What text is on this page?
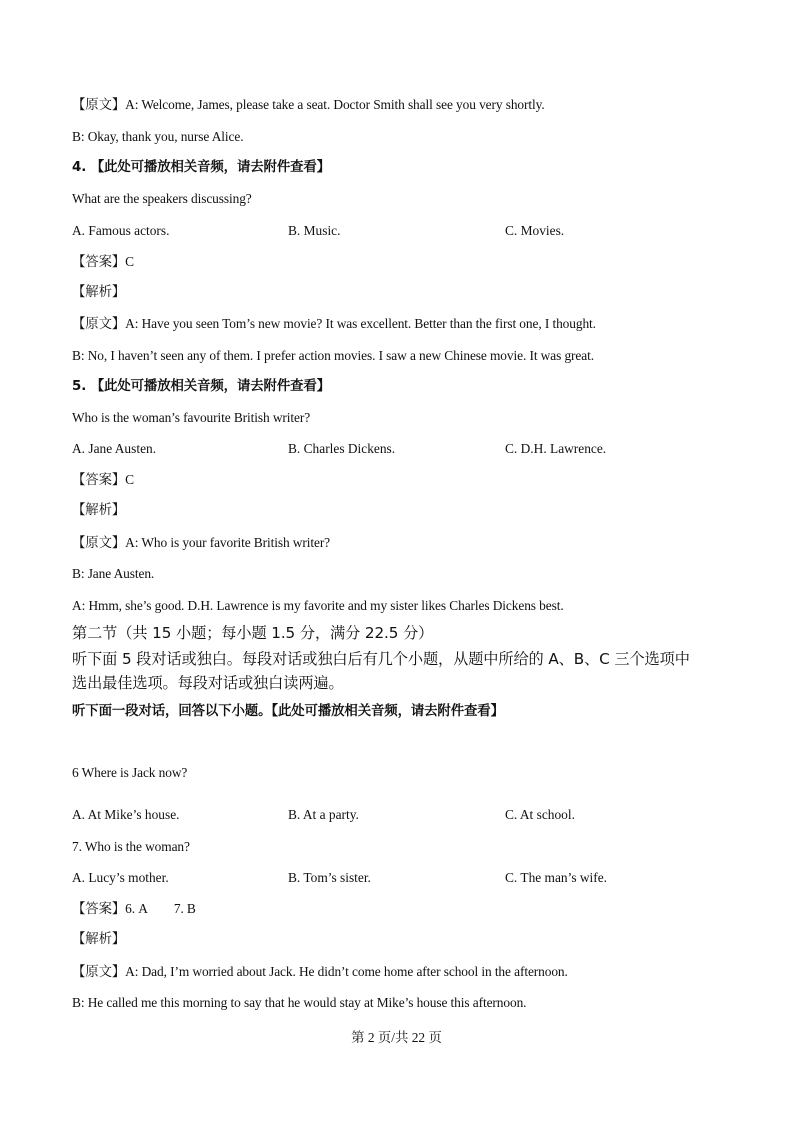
【原文】A: Welcome, James, please take a seat. Doctor Smith shall see you very shortly.
B: Okay, thank you, nurse Alice.
4. 【此处可播放相关音频，请去附件查看】
What are the speakers discussing?
A. Famous actors.	B. Music.	C. Movies.
【答案】C
【解析】
【原文】A: Have you seen Tom’s new movie? It was excellent. Better than the first one, I thought.
B: No, I haven’t seen any of them. I prefer action movies. I saw a new Chinese movie. It was great.
5. 【此处可播放相关音频，请去附件查看】
Who is the woman’s favourite British writer?
A. Jane Austen.	B. Charles Dickens.	C. D.H. Lawrence.
【答案】C
【解析】
【原文】A: Who is your favorite British writer?
B: Jane Austen.
A: Hmm, she’s good. D.H. Lawrence is my favorite and my sister likes Charles Dickens best.
第二节（共 15 小题；每小题 1.5 分，满分 22.5 分）
听下面 5 段对话或独白。每段对话或独白后有几个小题，从题中所给的 A、B、C 三个选项中
选出最佳选项。每段对话或独白读两遍。
听下面一段对话，回答以下小题。【此处可播放相关音频，请去附件查看】
6 Where is Jack now?
A. At Mike’s house.	B. At a party.	C. At school.
7. Who is the woman?
A. Lucy’s mother.	B. Tom’s sister.	C. The man’s wife.
【答案】6. A 7. B
【解析】
【原文】A: Dad, I’m worried about Jack. He didn’t come home after school in the afternoon.
B: He called me this morning to say that he would stay at Mike’s house this afternoon.
第 2 页/共 22 页
